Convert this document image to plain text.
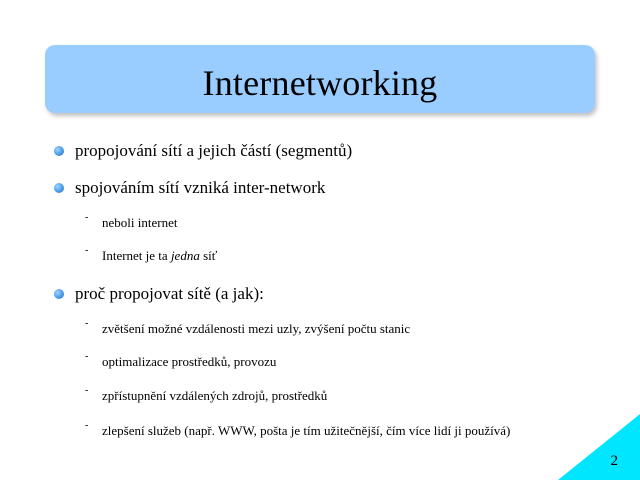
Internetworking
propojování sítí a jejich částí (segmentů)
spojováním sítí vzniká inter-network
- neboli internet
- Internet je ta jedna síť
proč propojovat sítě (a jak):
- zvětšení možné vzdálenosti mezi uzly, zvýšení počtu stanic
- optimalizace prostředků, provozu
- zpřístupnění vzdálených zdrojů, prostředků
- zlepšení služeb (např. WWW, pošta je tím užitečnější, čím více lidí ji používá)
2
